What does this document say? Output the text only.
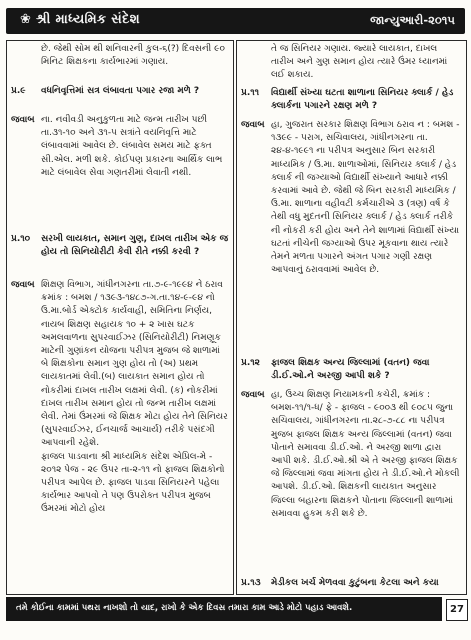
❀ શ્રી માધ્યમિક સંદેશ	જાન્યુઆરી-૨૦૧૫
છે. જેથી સોમ થી શનિવારની કુલ-૬(?) દિવસની ૯૦ મિનિટ શિક્ષકના કાર્યભારમાં ગણાય.
પ્ર.૯	વધનિવૃત્તિમાં સત્ર લંબાવતા પગાર રજા મળે ?
જવાબ ના. નવીવડી અનુકુળતા માટે જન્મ તારીખ પછી તા.૩૧-૧૦ અને ૩૧-૫ સત્રાંતે વયનિવૃત્તિ માટે લંબાવવામાં આવેલ છે. લંબાવેલ સમય માટે ફક્ત સી.એલ. મળી શકે. કોઈપણ પ્રકારના આર્થિક લાભ માટે લંબાવેલ સેવા ગણતરીમાં લેવાતી નથી.
પ્ર.૧૦	સરખી લાયકાત, સમાન ગુણ, દાખલ તારીખ એક જ હોય તો સિનિયોરીટી કેવી રીતે નક્કી કરવી ?
જવાબ શિક્ષણ વિભાગ, ગાંધીનગરના તા.૭-૯-૧૯૯૪ ને ઠરાવ ક્રમાંક : બમશ / ૧૩૯૩-૧૪૮૭-ગ.તા.૧૪-૯-૯૪ નો ઉ.મા.બોર્ડ એક્ટોક કાર્યવાહી, સમિતિના નિર્ણય, નાયબ શિક્ષણ સહાયક ૧૦ + ૨ ખાસ ઘટક અમલવાળના સુપરવાઈઝર (સિનિયોરીટી) નિમણૂક માટેની ગુણાંકન યોજના પરીપત્ર મુજબ જે શાળામાં બે શિક્ષકોના સમાન ગુણ હોય તો (અ) પ્રથમ લાયકાતમાં લેવી.(બ) લાયકાત સમાન હોય તો નોકરીમાં દાખલ તારીખ લક્ષમાં લેવી. (ક) નોકરીમાં દાખલ તારીખ સમાન હોય તો જન્મ તારીખ લક્ષમાં લેવી. તેમાં ઉંમરમાં જે શિક્ષક મોટા હોય તેને સિનિયર (સુપરવાઈઝર, ઈનચાર્જ આચાર્ય) તરીકે પસંદગી આપવાની રહેશે.
ફાજલ પાડવાના શ્રી માધ્યમિક સંદેશ એપ્રિલ-મે - ૨૦૧૨ પેજ - ૨૯ ઉપર તા-૨-૧૧ નો ફાજલ શિક્ષકોનો પરીપત્ર આપેલ છે. ફાજલ પાડવા સિનિયરને પહેલા કાર્યભાર આપવો તે પણ ઉપરોક્ત પરીપત્ર મુજબ ઉંમરમાં મોટો હોય
તે જ સિનિયર ગણાય. જ્યારે લાયકાત, દાખલ તારીખ અને ગુણ સમાન હોય ત્યારે ઉંમર ધ્યાનમાં લઈ શકાય.
પ્ર.૧૧	વિદ્યાર્થી સંખ્યા ઘટતા શાળાના સિનિયર ક્લાર્ક / હેડ ક્લાર્કના પગારને રક્ષણ મળે ?
જવાબ હા, ગુજરાત સરકાર શિક્ષણ વિભાગ ઠરાવ ન : બમશ - ૧૩૯૯ - પરાગ, સચિવાલય, ગાંધીનગરના તા. ૨૪-૪-૧૯૯૧ ના પરીપત્ર અનુસાર બિન સરકારી માધ્યમિક / ઉ.મા. શાળાઓમાં, સિનિયર ક્લાર્ક / હેડ ક્લાર્ક ની જગ્યાઓ વિદ્યાર્થી સંખ્યાને આધારે નક્કી કરવામાં આવે છે. જેથી જે બિન સરકારી માધ્યમિક / ઉ.મા. શાળાના વહીવટી કર્મચારીએ ૩ (ત્રણ) વર્ષ કે તેથી વધુ મુદતની સિનિયર ક્લાર્ક / હેડ ક્લાર્ક તરીકે ની નોકરી કરી હોય અને તેને શાળામાં વિદ્યાર્થી સંખ્યા ઘટતાં નીચેની જગ્યાઓ ઉપર મૂકવાના થાય ત્યારે તેમને મળતા પગારને અંગત પગાર ગણી રક્ષણ આપવાનું ઠરાવવામાં આવેલ છે.
પ્ર.૧૨	ફાજલ શિક્ષક અન્ય જિલ્લામાં (વતન) જવા ડી.ઈ.ઓ.ને અરજી આપી શકે ?
જવાબ હા, ઉચ્ચ શિક્ષણ નિયામકની કચેરી, ક્રમાંક : બમશ-૧૧/૧-ધ/ ફે - ફાજલ - ૯૦૦૩ થી ૯૦૮૫ જુના સચિવાલય, ગાંધીનગરના તા.૨૮-૭-૮૮ ના પરીપત્ર મુજબ ફાજલ શિક્ષક અન્ય જિલ્લામાં (વતન) જવા પોતાને સમાવવા ડી.ઈ.ઓ. ને અરજી શાળા દ્વારા આપી શકે. ડી.ઈ.ઓ.શ્રી એ તે અરજી ફાજલ શિક્ષક જે જિલ્લામાં જવા માંગતા હોય તે ડી.ઈ.ઓ.ને મોકલી આપશે. ડી.ઈ.ઓ. શિક્ષકની લાયકાત અનુસાર જિલ્લા બહારના શિક્ષકને પોતાના જિલ્લાની શાળામાં સમાવવા હુકમ કરી શકે છે.
પ્ર.૧૩	મેડીકલ ખર્ચ મેળવવા કુટુંબના કેટલા અને કયા
તમે કોઈના કામમાં પથરા નાખશો તો યાદ, રાખો કે એક દિવસ તમારા કામ આડે મોટો પહાડ આવશે.	27
